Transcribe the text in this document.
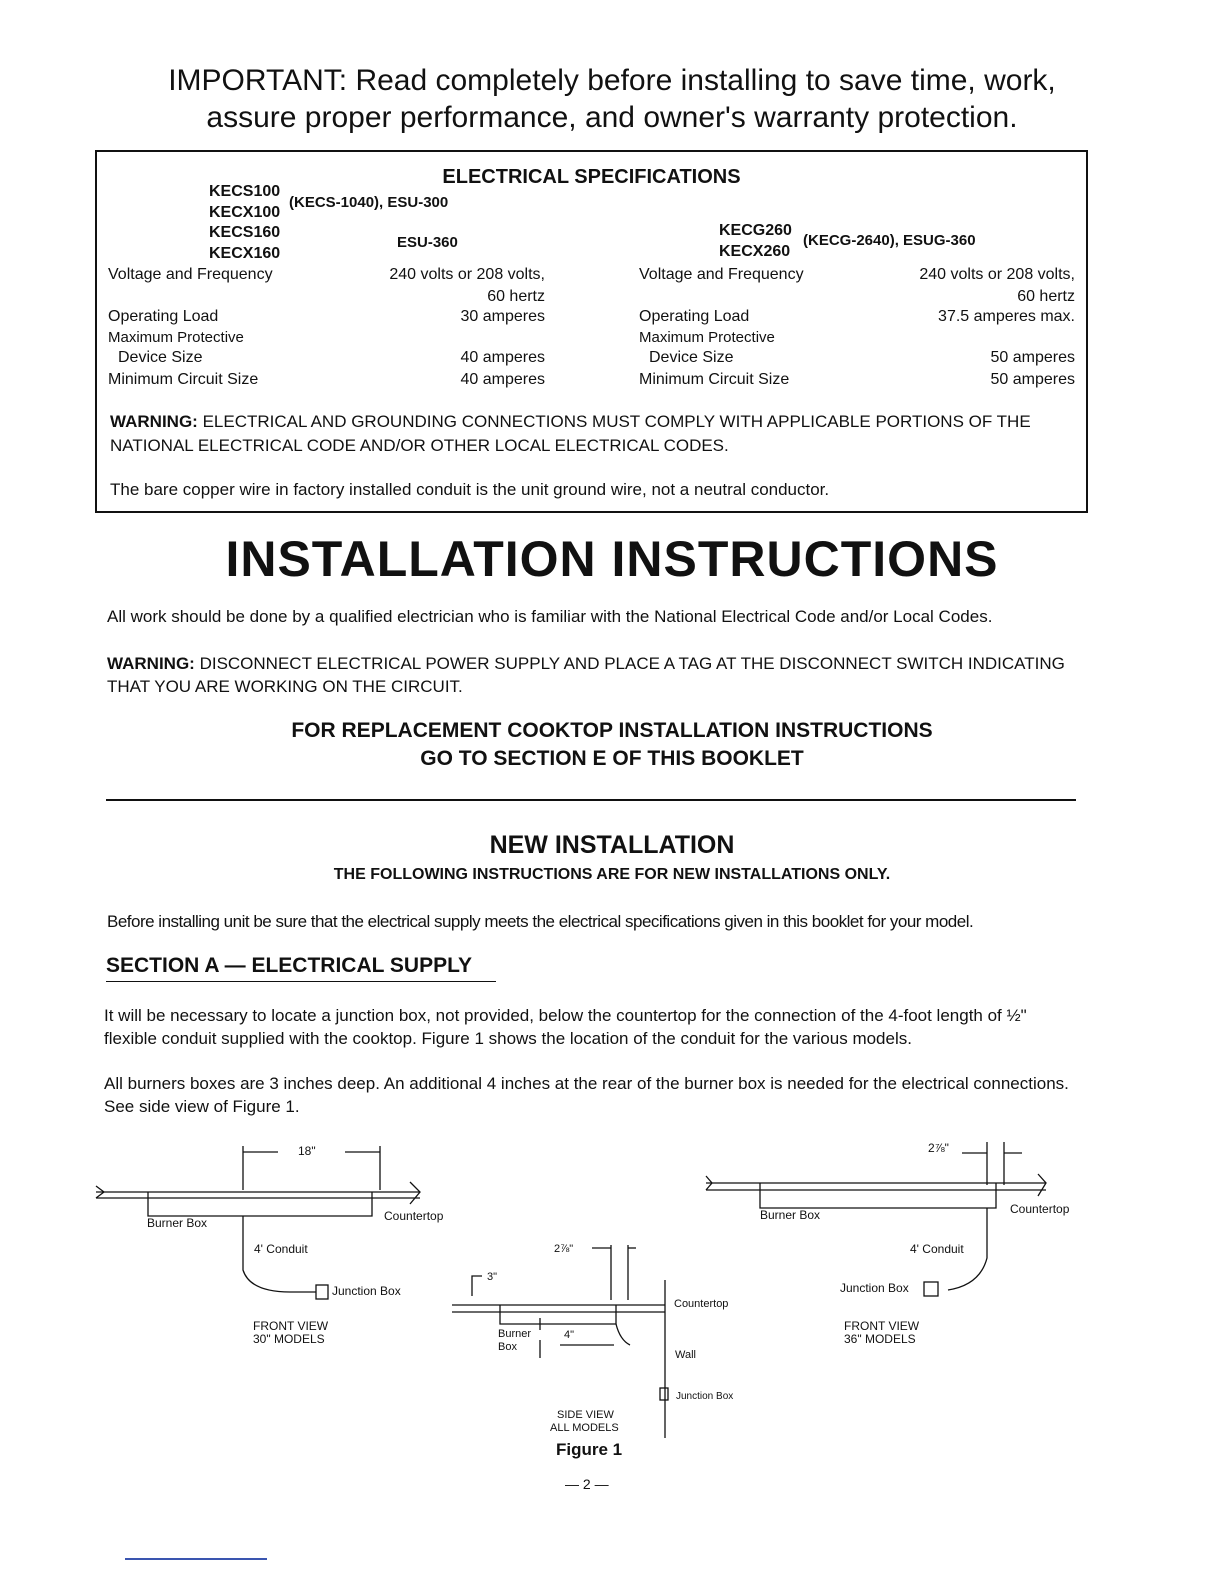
IMPORTANT: Read completely before installing to save time, work,
assure proper performance, and owner's warranty protection.
ELECTRICAL SPECIFICATIONS
KECS100
KECX100
(KECS-1040), ESU-300
KECS160
KECX160
ESU-360
KECG260
KECX260
(KECG-2640), ESUG-360
Voltage and Frequency	240 volts or 208 volts,
60 hertz
Operating Load	30 amperes
Maximum Protective
Device Size	40 amperes
Minimum Circuit Size	40 amperes
Voltage and Frequency	240 volts or 208 volts,
60 hertz
Operating Load	37.5 amperes max.
Maximum Protective
Device Size	50 amperes
Minimum Circuit Size	50 amperes
WARNING: ELECTRICAL AND GROUNDING CONNECTIONS MUST COMPLY WITH APPLICABLE PORTIONS OF THE NATIONAL ELECTRICAL CODE AND/OR OTHER LOCAL ELECTRICAL CODES.
The bare copper wire in factory installed conduit is the unit ground wire, not a neutral conductor.
INSTALLATION INSTRUCTIONS
All work should be done by a qualified electrician who is familiar with the National Electrical Code and/or Local Codes.
WARNING: DISCONNECT ELECTRICAL POWER SUPPLY AND PLACE A TAG AT THE DISCONNECT SWITCH INDICATING THAT YOU ARE WORKING ON THE CIRCUIT.
FOR REPLACEMENT COOKTOP INSTALLATION INSTRUCTIONS
GO TO SECTION E OF THIS BOOKLET
NEW INSTALLATION
THE FOLLOWING INSTRUCTIONS ARE FOR NEW INSTALLATIONS ONLY.
Before installing unit be sure that the electrical supply meets the electrical specifications given in this booklet for your model.
SECTION A — ELECTRICAL SUPPLY
It will be necessary to locate a junction box, not provided, below the countertop for the connection of the 4-foot length of ½" flexible conduit supplied with the cooktop. Figure 1 shows the location of the conduit for the various models.
All burners boxes are 3 inches deep. An additional 4 inches at the rear of the burner box is needed for the electrical connections. See side view of Figure 1.
18"
Burner Box	Countertop
4' Conduit
Junction Box
FRONT VIEW
30" MODELS
2⅞"
3"
Countertop
Burner
Box
4"
Wall
Junction Box
SIDE VIEW
ALL MODELS
2⅞"
Burner Box	Countertop
4' Conduit
Junction Box
FRONT VIEW
36" MODELS
Figure 1
— 2 —
